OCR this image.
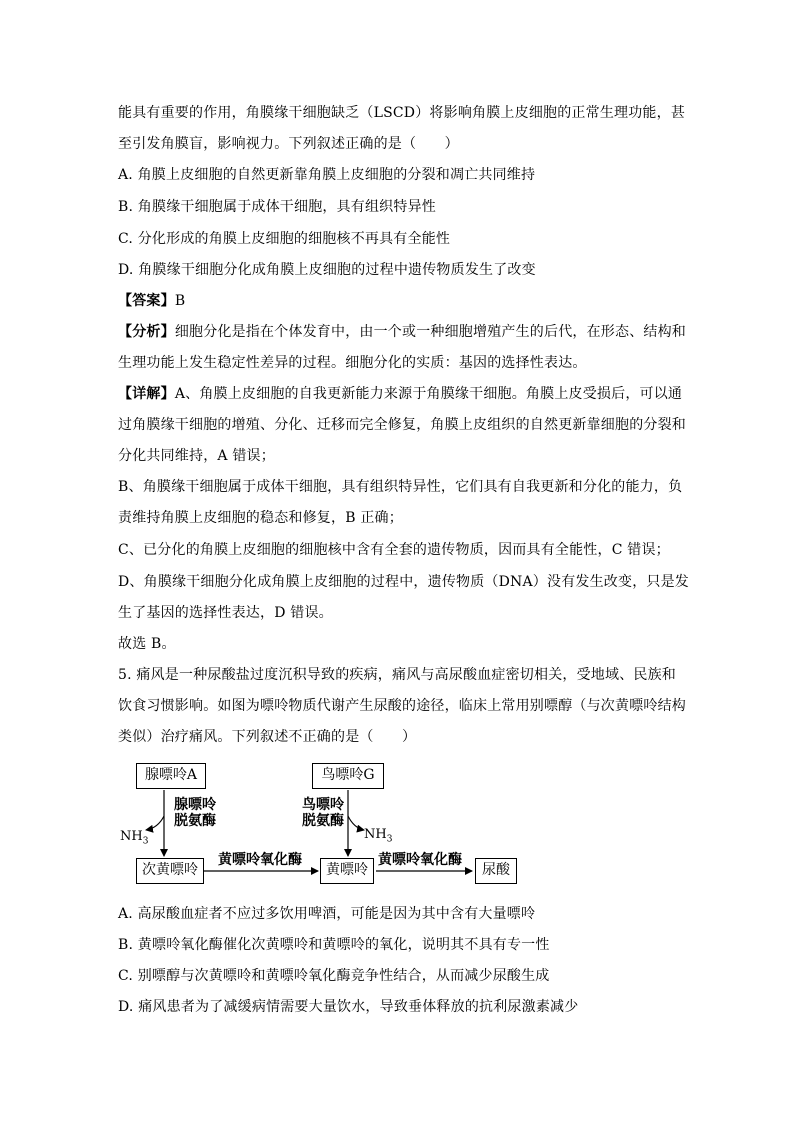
能具有重要的作用，角膜缘干细胞缺乏（LSCD）将影响角膜上皮细胞的正常生理功能，甚
至引发角膜盲，影响视力。下列叙述正确的是（　　）
A. 角膜上皮细胞的自然更新靠角膜上皮细胞的分裂和凋亡共同维持
B. 角膜缘干细胞属于成体干细胞，具有组织特异性
C. 分化形成的角膜上皮细胞的细胞核不再具有全能性
D. 角膜缘干细胞分化成角膜上皮细胞的过程中遗传物质发生了改变
【答案】B
【分析】细胞分化是指在个体发育中，由一个或一种细胞增殖产生的后代，在形态、结构和
生理功能上发生稳定性差异的过程。细胞分化的实质：基因的选择性表达。
【详解】A、角膜上皮细胞的自我更新能力来源于角膜缘干细胞。角膜上皮受损后，可以通
过角膜缘干细胞的增殖、分化、迁移而完全修复，角膜上皮组织的自然更新靠细胞的分裂和
分化共同维持，A 错误；
B、角膜缘干细胞属于成体干细胞，具有组织特异性，它们具有自我更新和分化的能力，负
责维持角膜上皮细胞的稳态和修复，B 正确；
C、已分化的角膜上皮细胞的细胞核中含有全套的遗传物质，因而具有全能性，C 错误；
D、角膜缘干细胞分化成角膜上皮细胞的过程中，遗传物质（DNA）没有发生改变，只是发
生了基因的选择性表达，D 错误。
故选 B。
5. 痛风是一种尿酸盐过度沉积导致的疾病，痛风与高尿酸血症密切相关，受地域、民族和
饮食习惯影响。如图为嘌呤物质代谢产生尿酸的途径，临床上常用别嘌醇（与次黄嘌呤结构
类似）治疗痛风。下列叙述不正确的是（　　）
腺嘌呤A	鸟嘌呤G
次黄嘌呤	黄嘌呤	尿酸
腺嘌呤
脱氨酶
鸟嘌呤
脱氨酶
$NH_3$	$NH_3$
黄嘌呤氧化酶	黄嘌呤氧化酶
A. 高尿酸血症者不应过多饮用啤酒，可能是因为其中含有大量嘌呤
B. 黄嘌呤氧化酶催化次黄嘌呤和黄嘌呤的氧化，说明其不具有专一性
C. 别嘌醇与次黄嘌呤和黄嘌呤氧化酶竞争性结合，从而减少尿酸生成
D. 痛风患者为了减缓病情需要大量饮水，导致垂体释放的抗利尿激素减少
